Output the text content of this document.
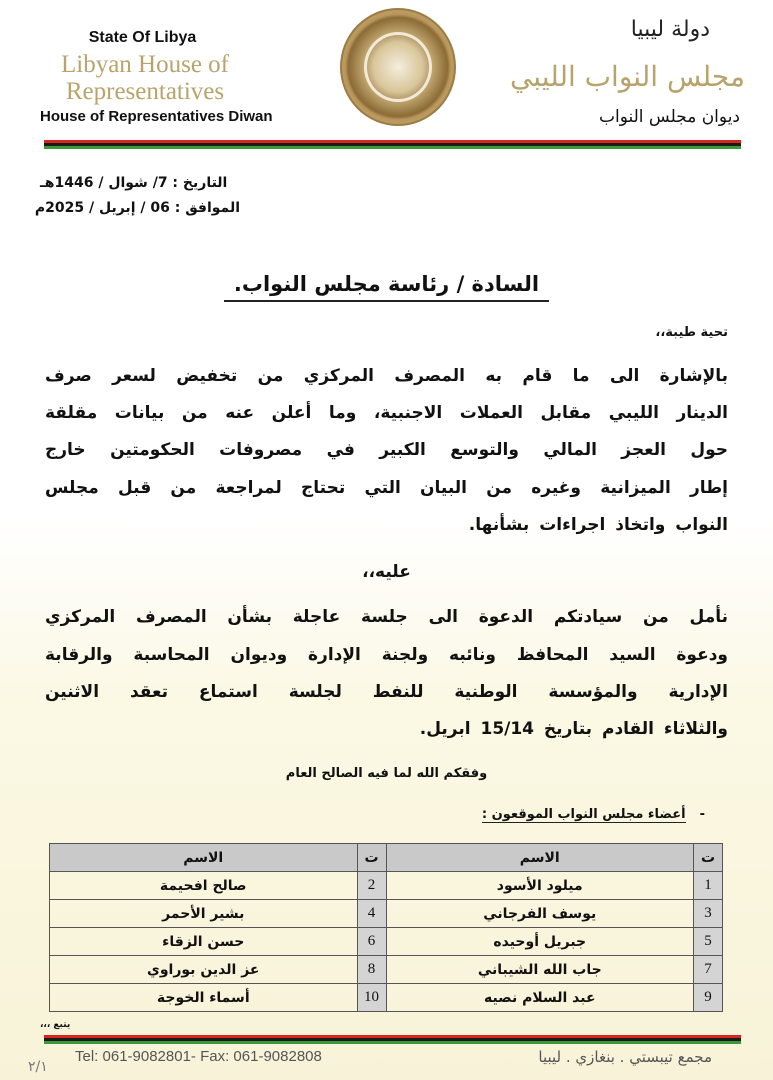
State Of Libya
Libyan House of
Representatives
House of Representatives Diwan
دولة ليبيا
مجلس النواب الليبي
ديوان مجلس النواب
التاريخ : 7/ شوال / 1446هـ
الموافق : 06 / إبريل / 2025م
السادة / رئاسة مجلس النواب.
تحية طيبة،،
بالإشارة الى ما قام به المصرف المركزي من تخفيض لسعر صرف
الدينار الليبي مقابل العملات الاجنبية، وما أعلن عنه من بيانات مقلقة
حول العجز المالي والتوسع الكبير في مصروفات الحكومتين خارج
إطار الميزانية وغيره من البيان التي تحتاج لمراجعة من قبل مجلس
النواب واتخاذ اجراءات بشأنها.
عليه،،
نأمل من سيادتكم الدعوة الى جلسة عاجلة بشأن المصرف المركزي
ودعوة السيد المحافظ ونائبه ولجنة الإدارة وديوان المحاسبة والرقابة
الإدارية والمؤسسة الوطنية للنفط لجلسة استماع تعقد الاثنين
والثلاثاء القادم بتاريخ 15/14 ابريل.
وفقكم الله لما فيه الصالح العام
-أعضاء مجلس النواب الموقعون :
ت	الاسم	ت	الاسم
1	ميلود الأسود	2	صالح افحيمة
3	يوسف الفرجاني	4	بشير الأحمر
5	جبريل أوحيده	6	حسن الزقاء
7	جاب الله الشيباني	8	عز الدين بوراوي
9	عبد السلام نصيه	10	أسماء الخوجة
يتبع ،،،
Tel: 061-9082801- Fax: 061-9082808	مجمع تيبستي . بنغازي . ليبيا
٢/١
